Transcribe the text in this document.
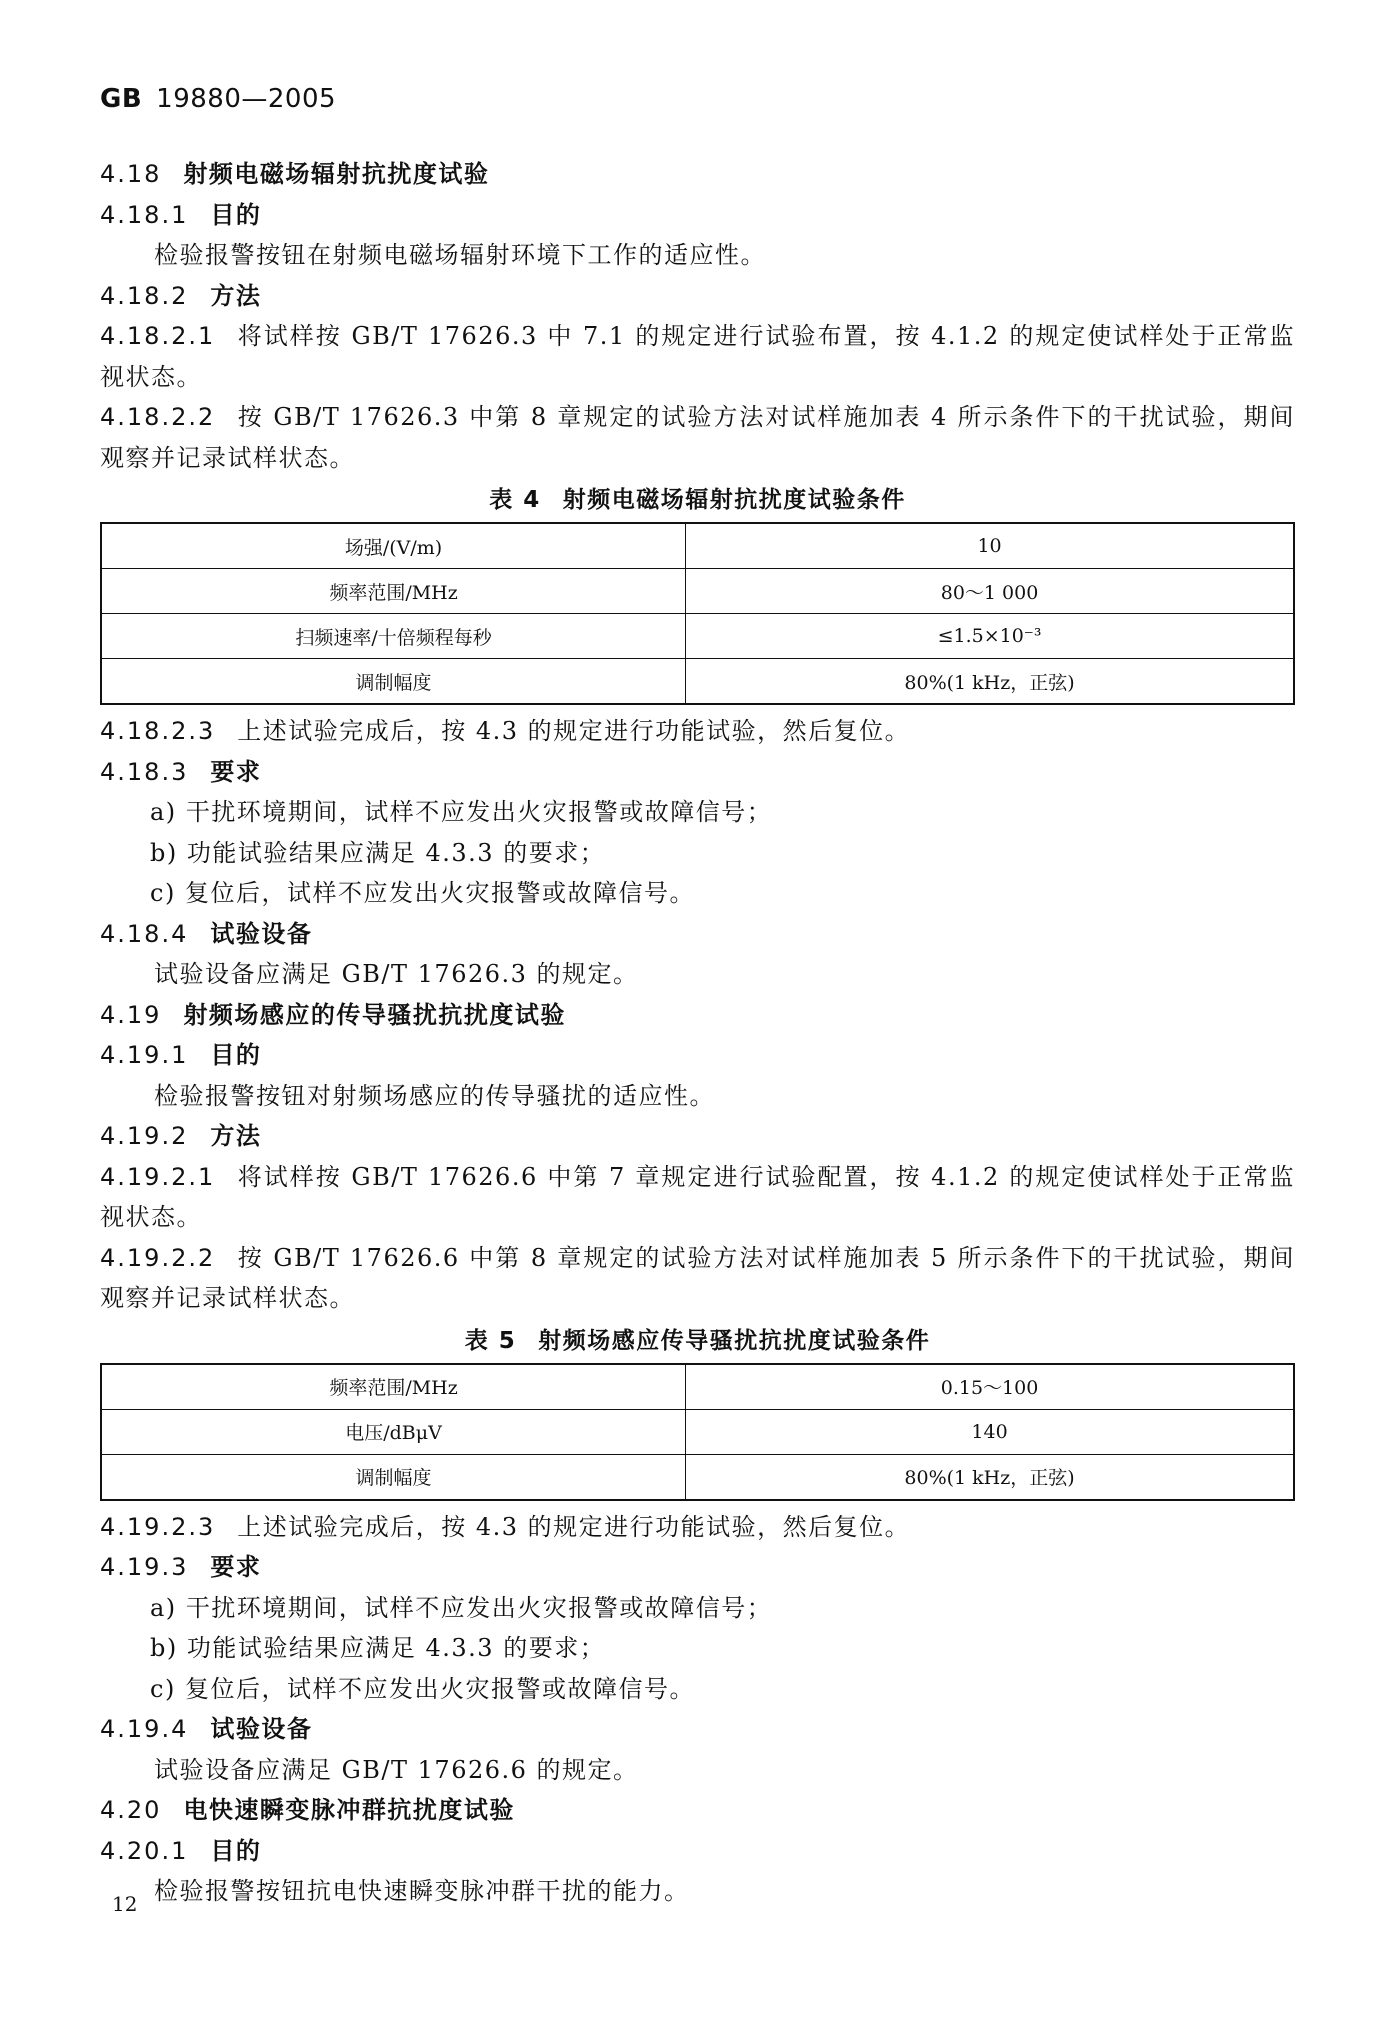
GB 19880—2005
4.18 射频电磁场辐射抗扰度试验
4.18.1 目的
检验报警按钮在射频电磁场辐射环境下工作的适应性。
4.18.2 方法
4.18.2.1 将试样按 GB/T 17626.3 中 7.1 的规定进行试验布置，按 4.1.2 的规定使试样处于正常监视状态。
4.18.2.2 按 GB/T 17626.3 中第 8 章规定的试验方法对试样施加表 4 所示条件下的干扰试验，期间观察并记录试样状态。
表 4 射频电磁场辐射抗扰度试验条件
场强/(V/m)	10
频率范围/MHz	80～1 000
扫频速率/十倍频程每秒	≤1.5×10⁻³
调制幅度	80%(1 kHz，正弦)
4.18.2.3 上述试验完成后，按 4.3 的规定进行功能试验，然后复位。
4.18.3 要求
a) 干扰环境期间，试样不应发出火灾报警或故障信号；
b) 功能试验结果应满足 4.3.3 的要求；
c) 复位后，试样不应发出火灾报警或故障信号。
4.18.4 试验设备
试验设备应满足 GB/T 17626.3 的规定。
4.19 射频场感应的传导骚扰抗扰度试验
4.19.1 目的
检验报警按钮对射频场感应的传导骚扰的适应性。
4.19.2 方法
4.19.2.1 将试样按 GB/T 17626.6 中第 7 章规定进行试验配置，按 4.1.2 的规定使试样处于正常监视状态。
4.19.2.2 按 GB/T 17626.6 中第 8 章规定的试验方法对试样施加表 5 所示条件下的干扰试验，期间观察并记录试样状态。
表 5 射频场感应传导骚扰抗扰度试验条件
频率范围/MHz	0.15～100
电压/dBμV	140
调制幅度	80%(1 kHz，正弦)
4.19.2.3 上述试验完成后，按 4.3 的规定进行功能试验，然后复位。
4.19.3 要求
a) 干扰环境期间，试样不应发出火灾报警或故障信号；
b) 功能试验结果应满足 4.3.3 的要求；
c) 复位后，试样不应发出火灾报警或故障信号。
4.19.4 试验设备
试验设备应满足 GB/T 17626.6 的规定。
4.20 电快速瞬变脉冲群抗扰度试验
4.20.1 目的
检验报警按钮抗电快速瞬变脉冲群干扰的能力。
12
